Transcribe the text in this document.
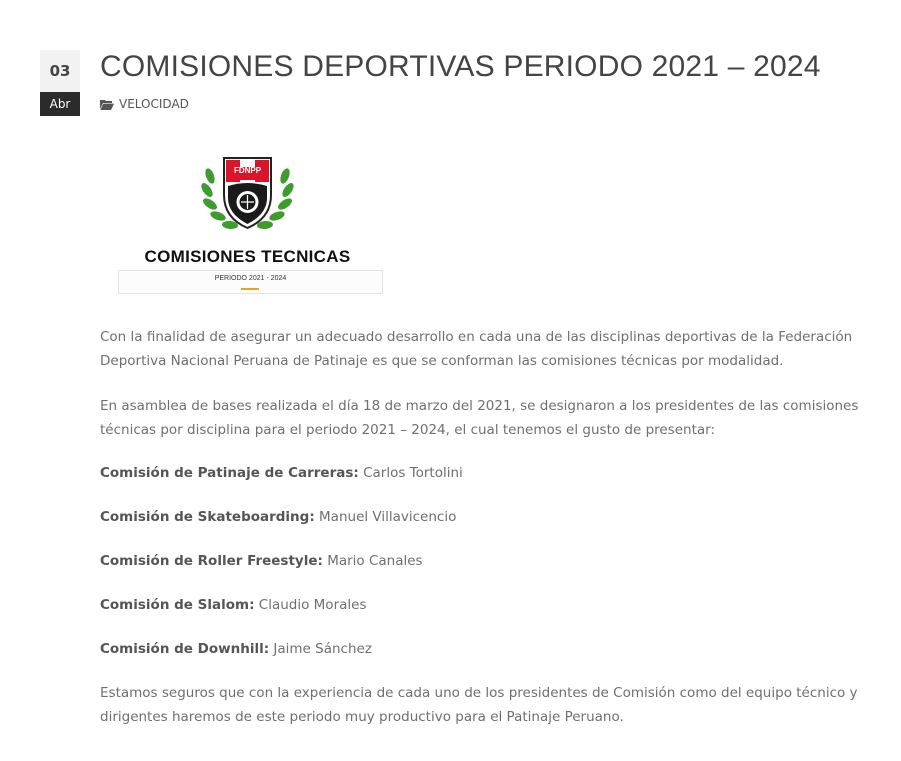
03
Abr
COMISIONES DEPORTIVAS PERIODO 2021 – 2024
VELOCIDAD
FDNPP
COMISIONES TECNICAS
PERIODO 2021 - 2024

Con la finalidad de asegurar un adecuado desarrollo en cada una de las disciplinas deportivas de la Federación Deportiva Nacional Peruana de Patinaje es que se conforman las comisiones técnicas por modalidad.

En asamblea de bases realizada el día 18 de marzo del 2021, se designaron a los presidentes de las comisiones técnicas por disciplina para el periodo 2021 – 2024, el cual tenemos el gusto de presentar:

Comisión de Patinaje de Carreras: Carlos Tortolini

Comisión de Skateboarding: Manuel Villavicencio

Comisión de Roller Freestyle: Mario Canales

Comisión de Slalom: Claudio Morales

Comisión de Downhill: Jaime Sánchez

Estamos seguros que con la experiencia de cada uno de los presidentes de Comisión como del equipo técnico y dirigentes haremos de este periodo muy productivo para el Patinaje Peruano.
